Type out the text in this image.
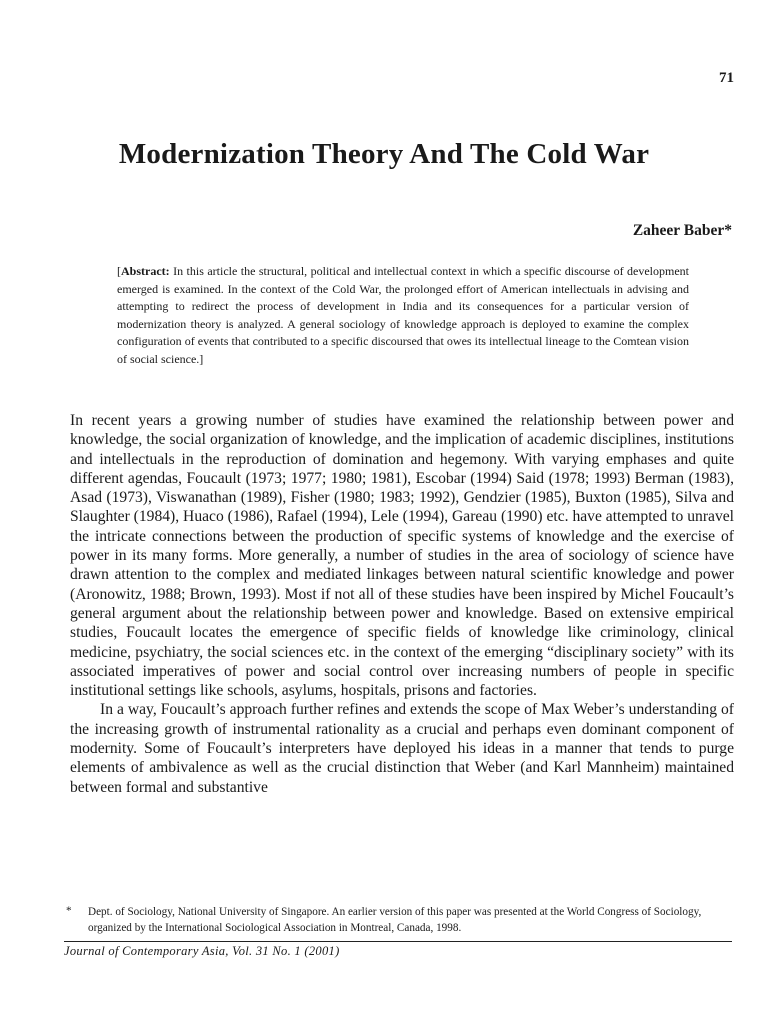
71
Modernization Theory And The Cold War
Zaheer Baber*

[Abstract: In this article the structural, political and intellectual context in which a specific discourse of development emerged is examined. In the context of the Cold War, the prolonged effort of American intellectuals in advising and attempting to redirect the process of development in India and its consequences for a particular version of modernization theory is analyzed. A general sociology of knowledge approach is deployed to examine the complex configuration of events that contributed to a specific discoursed that owes its intellectual lineage to the Comtean vision of social science.]

In recent years a growing number of studies have examined the relationship between power and knowledge, the social organization of knowledge, and the implication of academic disciplines, institutions and intellectuals in the reproduction of domination and hegemony. With varying emphases and quite different agendas, Foucault (1973; 1977; 1980; 1981), Escobar (1994) Said (1978; 1993) Berman (1983), Asad (1973), Viswanathan (1989), Fisher (1980; 1983; 1992), Gendzier (1985), Buxton (1985), Silva and Slaughter (1984), Huaco (1986), Rafael (1994), Lele (1994), Gareau (1990) etc. have attempted to unravel the intricate connections between the production of specific systems of knowledge and the exercise of power in its many forms. More generally, a number of studies in the area of sociology of science have drawn attention to the complex and mediated linkages between natural scientific knowledge and power (Aronowitz, 1988; Brown, 1993). Most if not all of these studies have been inspired by Michel Foucault’s general argument about the relationship between power and knowledge. Based on extensive empirical studies, Foucault locates the emergence of specific fields of knowledge like criminology, clinical medicine, psychiatry, the social sciences etc. in the context of the emerging “disciplinary society” with its associated imperatives of power and social control over increasing numbers of people in specific institutional settings like schools, asylums, hospitals, prisons and factories.

In a way, Foucault’s approach further refines and extends the scope of Max Weber’s understanding of the increasing growth of instrumental rationality as a crucial and perhaps even dominant component of modernity. Some of Foucault’s interpreters have deployed his ideas in a manner that tends to purge elements of ambivalence as well as the crucial distinction that Weber (and Karl Mannheim) maintained between formal and substantive

* Dept. of Sociology, National University of Singapore. An earlier version of this paper was presented at the World Congress of Sociology, organized by the International Sociological Association in Montreal, Canada, 1998.

Journal of Contemporary Asia, Vol. 31 No. 1 (2001)
